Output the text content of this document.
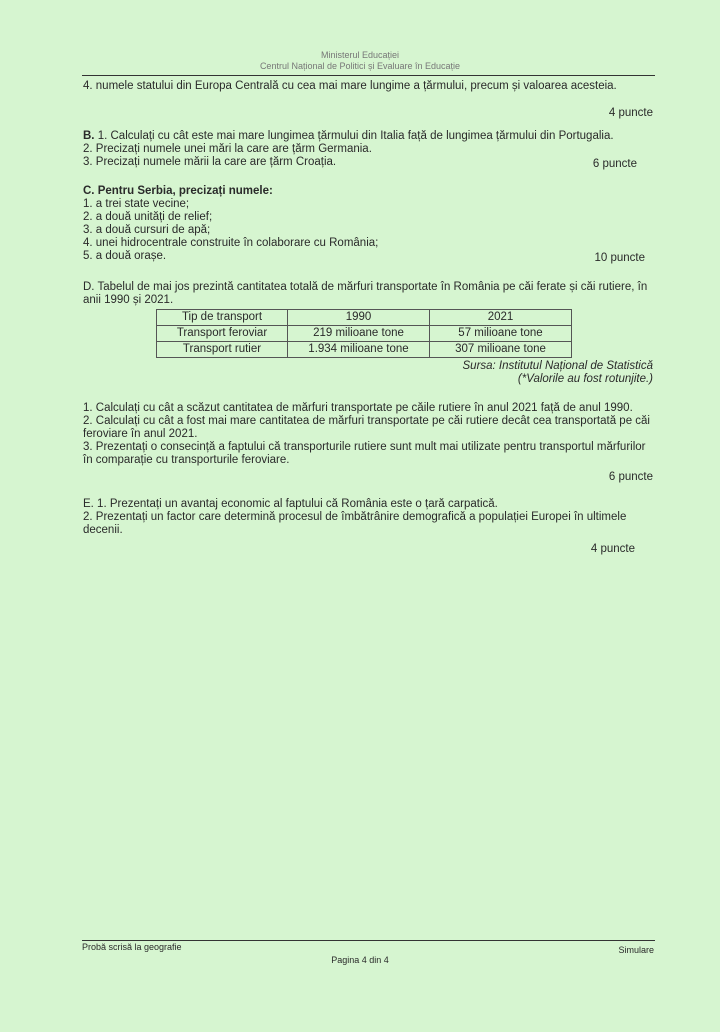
Ministerul Educației
Centrul Național de Politici și Evaluare în Educație

4. numele statului din Europa Centrală cu cea mai mare lungime a țărmului, precum și valoarea acesteia.

4 puncte

B. 1. Calculați cu cât este mai mare lungimea țărmului din Italia față de lungimea țărmului din Portugalia.

2. Precizați numele unei mări la care are țărm Germania.

3. Precizați numele mării la care are țărm Croația.	6 puncte

C. Pentru Serbia, precizați numele:

1. a trei state vecine;

2. a două unități de relief;

3. a două cursuri de apă;

4. unei hidrocentrale construite în colaborare cu România;

5. a două orașe.	10 puncte

D. Tabelul de mai jos prezintă cantitatea totală de mărfuri transportate în România pe căi ferate și căi rutiere, în anii 1990 și 2021.

Tip de transport	1990	2021
Transport feroviar	219 milioane tone	57 milioane tone
Transport rutier	1.934 milioane tone	307 milioane tone

Sursa: Institutul Național de Statistică

(*Valorile au fost rotunjite.)

1. Calculați cu cât a scăzut cantitatea de mărfuri transportate pe căile rutiere în anul 2021 față de anul 1990.

2. Calculați cu cât a fost mai mare cantitatea de mărfuri transportate pe căi rutiere decât cea transportată pe căi feroviare în anul 2021.

3. Prezentați o consecință a faptului că transporturile rutiere sunt mult mai utilizate pentru transportul mărfurilor în comparație cu transporturile feroviare.

6 puncte

E. 1. Prezentați un avantaj economic al faptului că România este o țară carpatică.

2. Prezentați un factor care determină procesul de îmbătrânire demografică a populației Europei în ultimele decenii.

4 puncte

Probă scrisă la geografie	Simulare
Pagina 4 din 4
